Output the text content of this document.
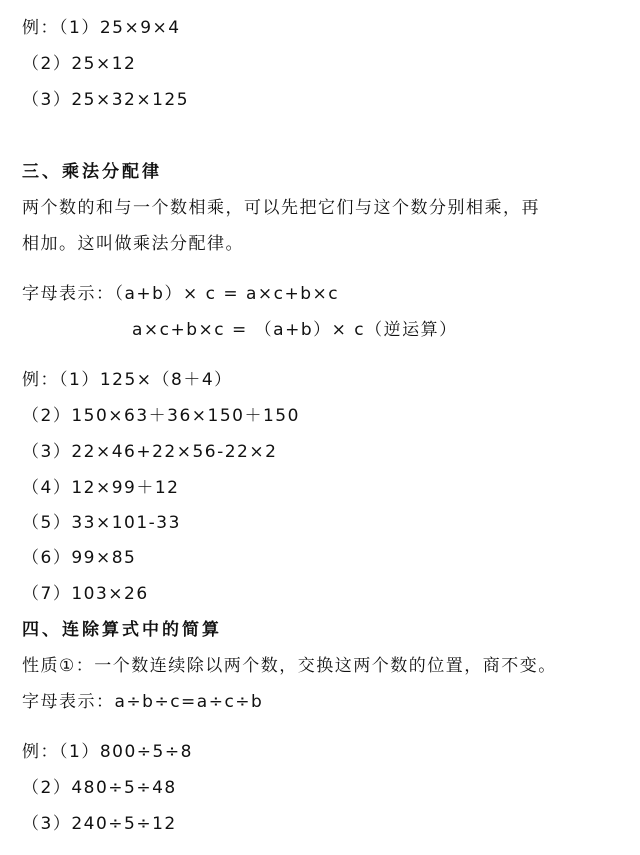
例：（1）25×9×4
（2）25×12
（3）25×32×125
三、乘法分配律
两个数的和与一个数相乘，可以先把它们与这个数分别相乘，再
相加。这叫做乘法分配律。
字母表示：（a+b）× c = a×c+b×c
a×c+b×c = （a+b）× c（逆运算）
例：（1）125×（8＋4）
（2）150×63＋36×150＋150
（3）22×46+22×56-22×2
（4）12×99＋12
（5）33×101-33
（6）99×85
（7）103×26
四、连除算式中的简算
性质①：一个数连续除以两个数，交换这两个数的位置，商不变。
字母表示：a÷b÷c=a÷c÷b
例：（1）800÷5÷8
（2）480÷5÷48
（3）240÷5÷12
